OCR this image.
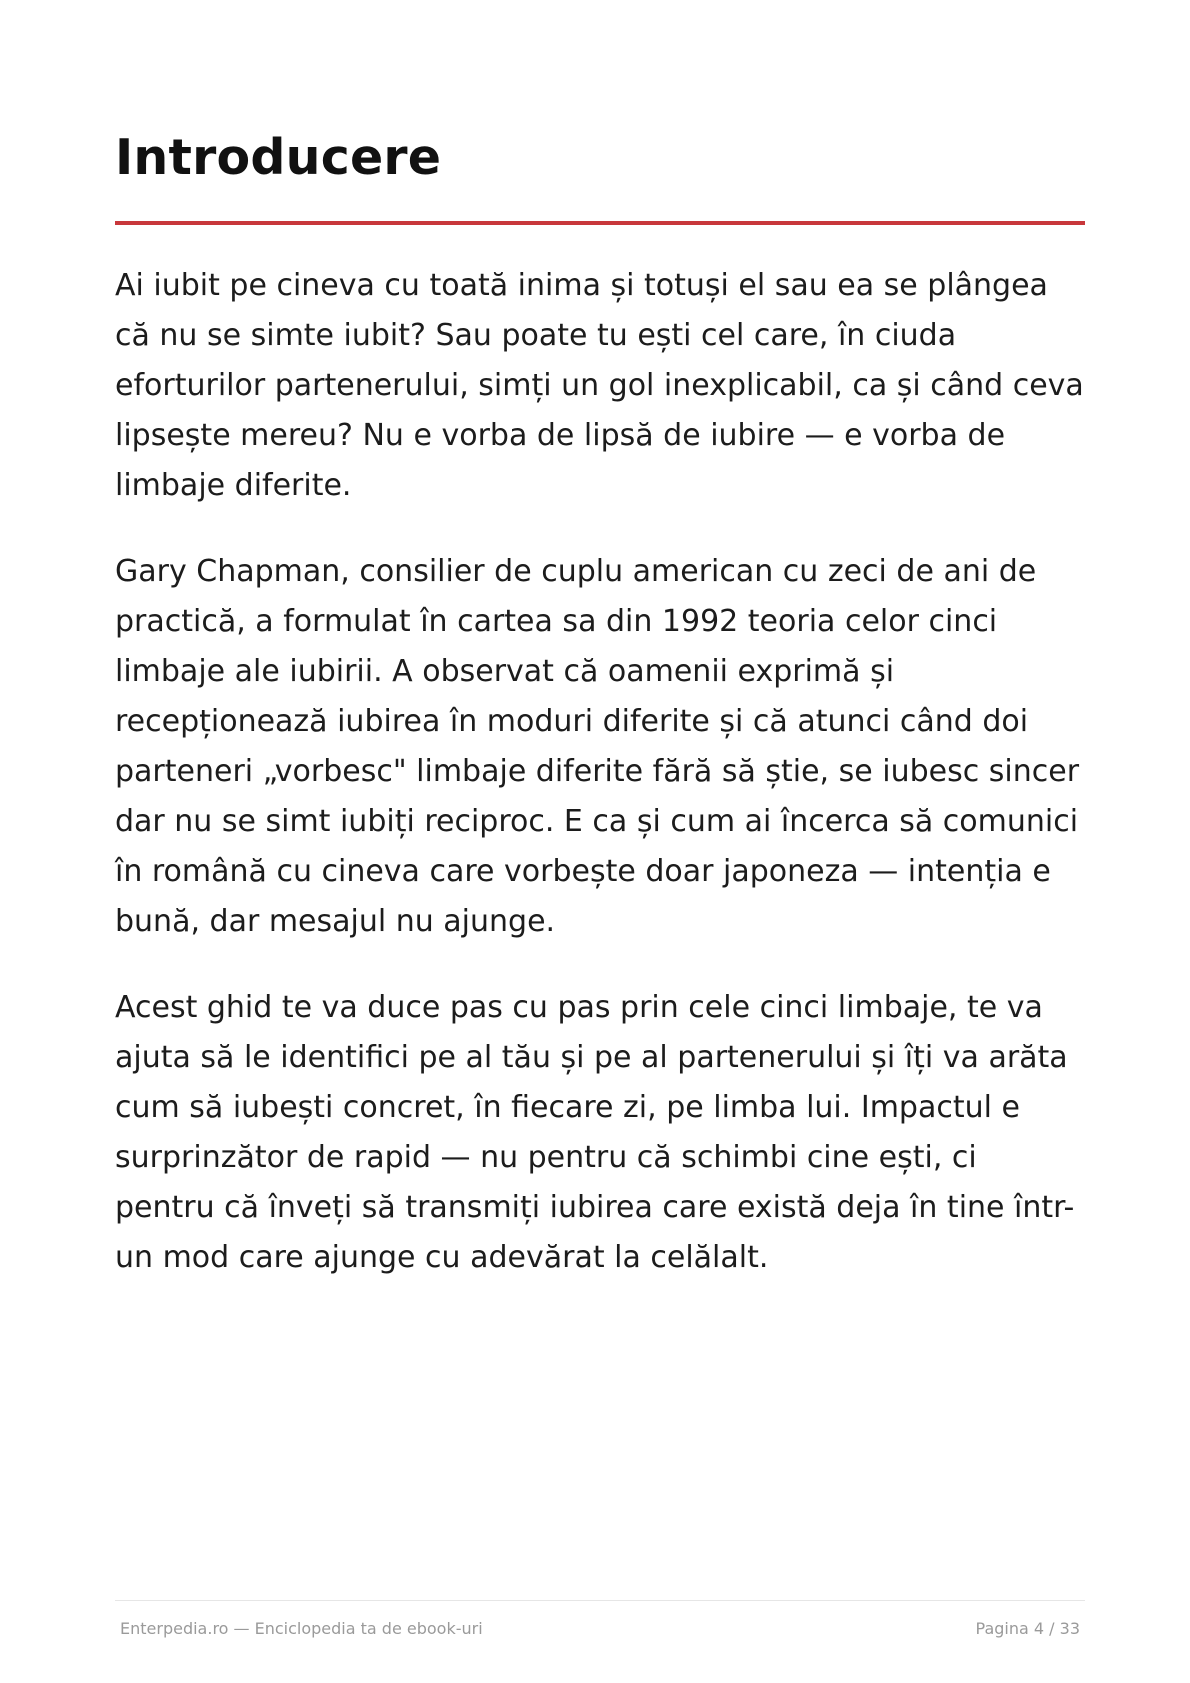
Introducere

Ai iubit pe cineva cu toată inima și totuși el sau ea se plângea că nu se simte iubit? Sau poate tu ești cel care, în ciuda eforturilor partenerului, simți un gol inexplicabil, ca și când ceva lipsește mereu? Nu e vorba de lipsă de iubire — e vorba de limbaje diferite.

Gary Chapman, consilier de cuplu american cu zeci de ani de practică, a formulat în cartea sa din 1992 teoria celor cinci limbaje ale iubirii. A observat că oamenii exprimă și recepționează iubirea în moduri diferite și că atunci când doi parteneri „vorbesc" limbaje diferite fără să știe, se iubesc sincer dar nu se simt iubiți reciproc. E ca și cum ai încerca să comunici în română cu cineva care vorbește doar japoneza — intenția e bună, dar mesajul nu ajunge.

Acest ghid te va duce pas cu pas prin cele cinci limbaje, te va ajuta să le identifici pe al tău și pe al partenerului și îți va arăta cum să iubești concret, în fiecare zi, pe limba lui. Impactul e surprinzător de rapid — nu pentru că schimbi cine ești, ci pentru că înveți să transmiți iubirea care există deja în tine într-un mod care ajunge cu adevărat la celălalt.

Enterpedia.ro — Enciclopedia ta de ebook-uri	Pagina 4 / 33
